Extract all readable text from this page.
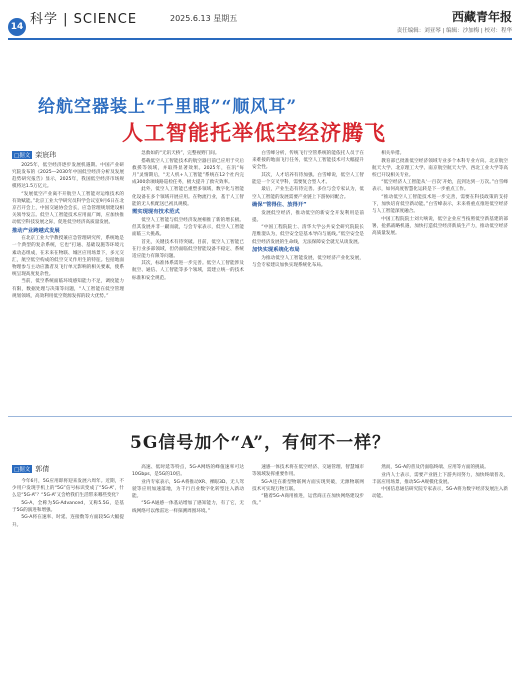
14 科学 | SCIENCE	2025.6.13 星期五	西藏青年报
责任编辑：刘亚琴 | 编辑：沙加梅 | 校对：程华
给航空器装上“千里眼”“顺风耳”
人工智能托举低空经济腾飞
□据文 栾宸玮

2025年，低空经济逐步发展机遇期。中国产业研究院发布的《2025—2030年中国低空经济分析及发展趋势研究报告》显示，2025年，我国低空经济市场规模将达1.5万亿元。

“发展低空产业离不开航空人工智能对运维技术的有效赋能。”北京工业大学研究员科学会议室9月6日在北京召开会上，中国交通协会会长，应急管理规划建设相关领导发言。低空人工智能技术应用面广阔，应加快推动低空科技发展之际，促进低空经济高质量发展。

推动产业跨越式发展

在北京工业大学教授兼应急管理研究所，系统地是一个典型的复杂系统，它也“打通、基础设施等环境元素动态组成，在未来在物联、城区应用场景下，多元交汇，航空低空构成的低空交叉作用生的特征。包括地面物理参与主动应激者及飞行单元影响的相关要素，使系统呈现高度复杂性。

当前，低空系统面临环境感知能力不足，调度能力有限，数据处理与决策等问题，“人工智能在低空管理规划领域，高效利用低空资源发挥的较大优势。”

急救如的“无讯天桥”，完整视野门间。

搭载低空人工智能技术的航空器目前已应用于灾后救援等领域，并取得显著效果。2025年，在汛“每月”灵情期后，“无人机+人工智能”系统在12个社内完成300余项线路巡检任务，极大提升了救灾效率。

此外，低空人工智能已重塑多领域，数字化与智能化设备在多个领域开展应用。在物流行业，基于人工智能的无人机配送已初具规模。

需实现现有技术范式

低空人工智能与低空经济发展相推了新的增长极。但其发展并非一蹴而就，与会专家表示，低空人工智能面临三大挑战。

首先，关键技术有待突破。目前，低空人工智能已在行业多部领域，但仍面临低空智能设备不稳定、系统适应能力有限等问题。

其次，标准体系需进一步完善。低空人工智能涉及航空、通信、人工智能等多个领域，需建立统一的技术标准和安全规范。

白雪峰分析，传统飞行空管系统的能依托人员于在来难接的地面飞行任务，低空人工智能技术可大幅提升安全性。

其次，人才培养有待加强。白雪峰说，低空人工智能是一个交叉学科，需要复合型人才。

最后，产业生态有待完善。多位与会专家认为，低空人工智能的发展需要产业链上下游协同配合。

确保“管得住、放得开”

发展低空经济，推动低空的新安全开发利用是前提。

“中国工程院院士、清华大学公共安全研究院院长范维澄认为，低空安全是基本导向与底线。”低空安全是低空经济发展的生命线，无法保障安全就无从谈发展。

加快实现系统化布局

为推动低空人工智能发展，低空经济产业化发展，与会专家建议加快实现系统化布局。

相关举措。

教育部已批准低空经济领域专业多个本科专业方向。北京航空航天大学、北京理工大学、南京航空航天大学、西北工业大学等高校已开设相关专业。

“低空经济人工智能从‘一百次’开始，直到达到一万次。”白雪峰表示，如何高度智慧化运转是下一步重点工作。

“推动低空人工智能技术进一步完善，需要在科技政策的支持下，加快培育低空新动能。”白雪峰表示，未来将重点推进低空经济与人工智能深度融合。

中国工程院院士刘大响说，低空企业应当按照低空新基建的部署，抢抓战略机遇，加快打造低空经济新质生产力，推动低空经济高质量发展。

5G信号加个“A”，有何不一样？
□据文 郭倩

今年6月，5G应用即将迎来发展六周年。近期，不少用户发现手机上的“5G”信号标识变成了“5G-A”，什么是“5G-A”？“5G-A”又会给我们生活带来哪些变化？

5G-A，全称为5G-Advanced，又称5.5G，是基于5G的演进和增强。

5G-A将在速率、时延、连接数等方面较5G大幅提升。

高速、低时延等特点，5G-A网络的峰值速率可达10Gbps，是5G的10倍。

业内专家表示，5G-A将推动XR、裸眼3D、无人驾驶等应用加速落地，为千行百业数字化转型注入新动能。

“5G-A通感一体基站增加了感知能力，有了它，无线网络可以像雷达一样探测周围环境。”

速感一体技术将在低空经济、交通管理、智慧城市等领域发挥重要作用。

5G-A还在新型物联网方面实现突破，无源物联网技术可实现万物互联。

“随着5G-A商用推进，运营商正在加快网络建设步伐。”

然而，5G-A的普及仍面临终端、应用等方面的挑战。

业内人士表示，需要产业链上下游共同努力，加快终端普及，丰富应用场景，推动5G-A规模化发展。

中国信息通信研究院专家表示，5G-A将为数字经济发展注入新动能。
